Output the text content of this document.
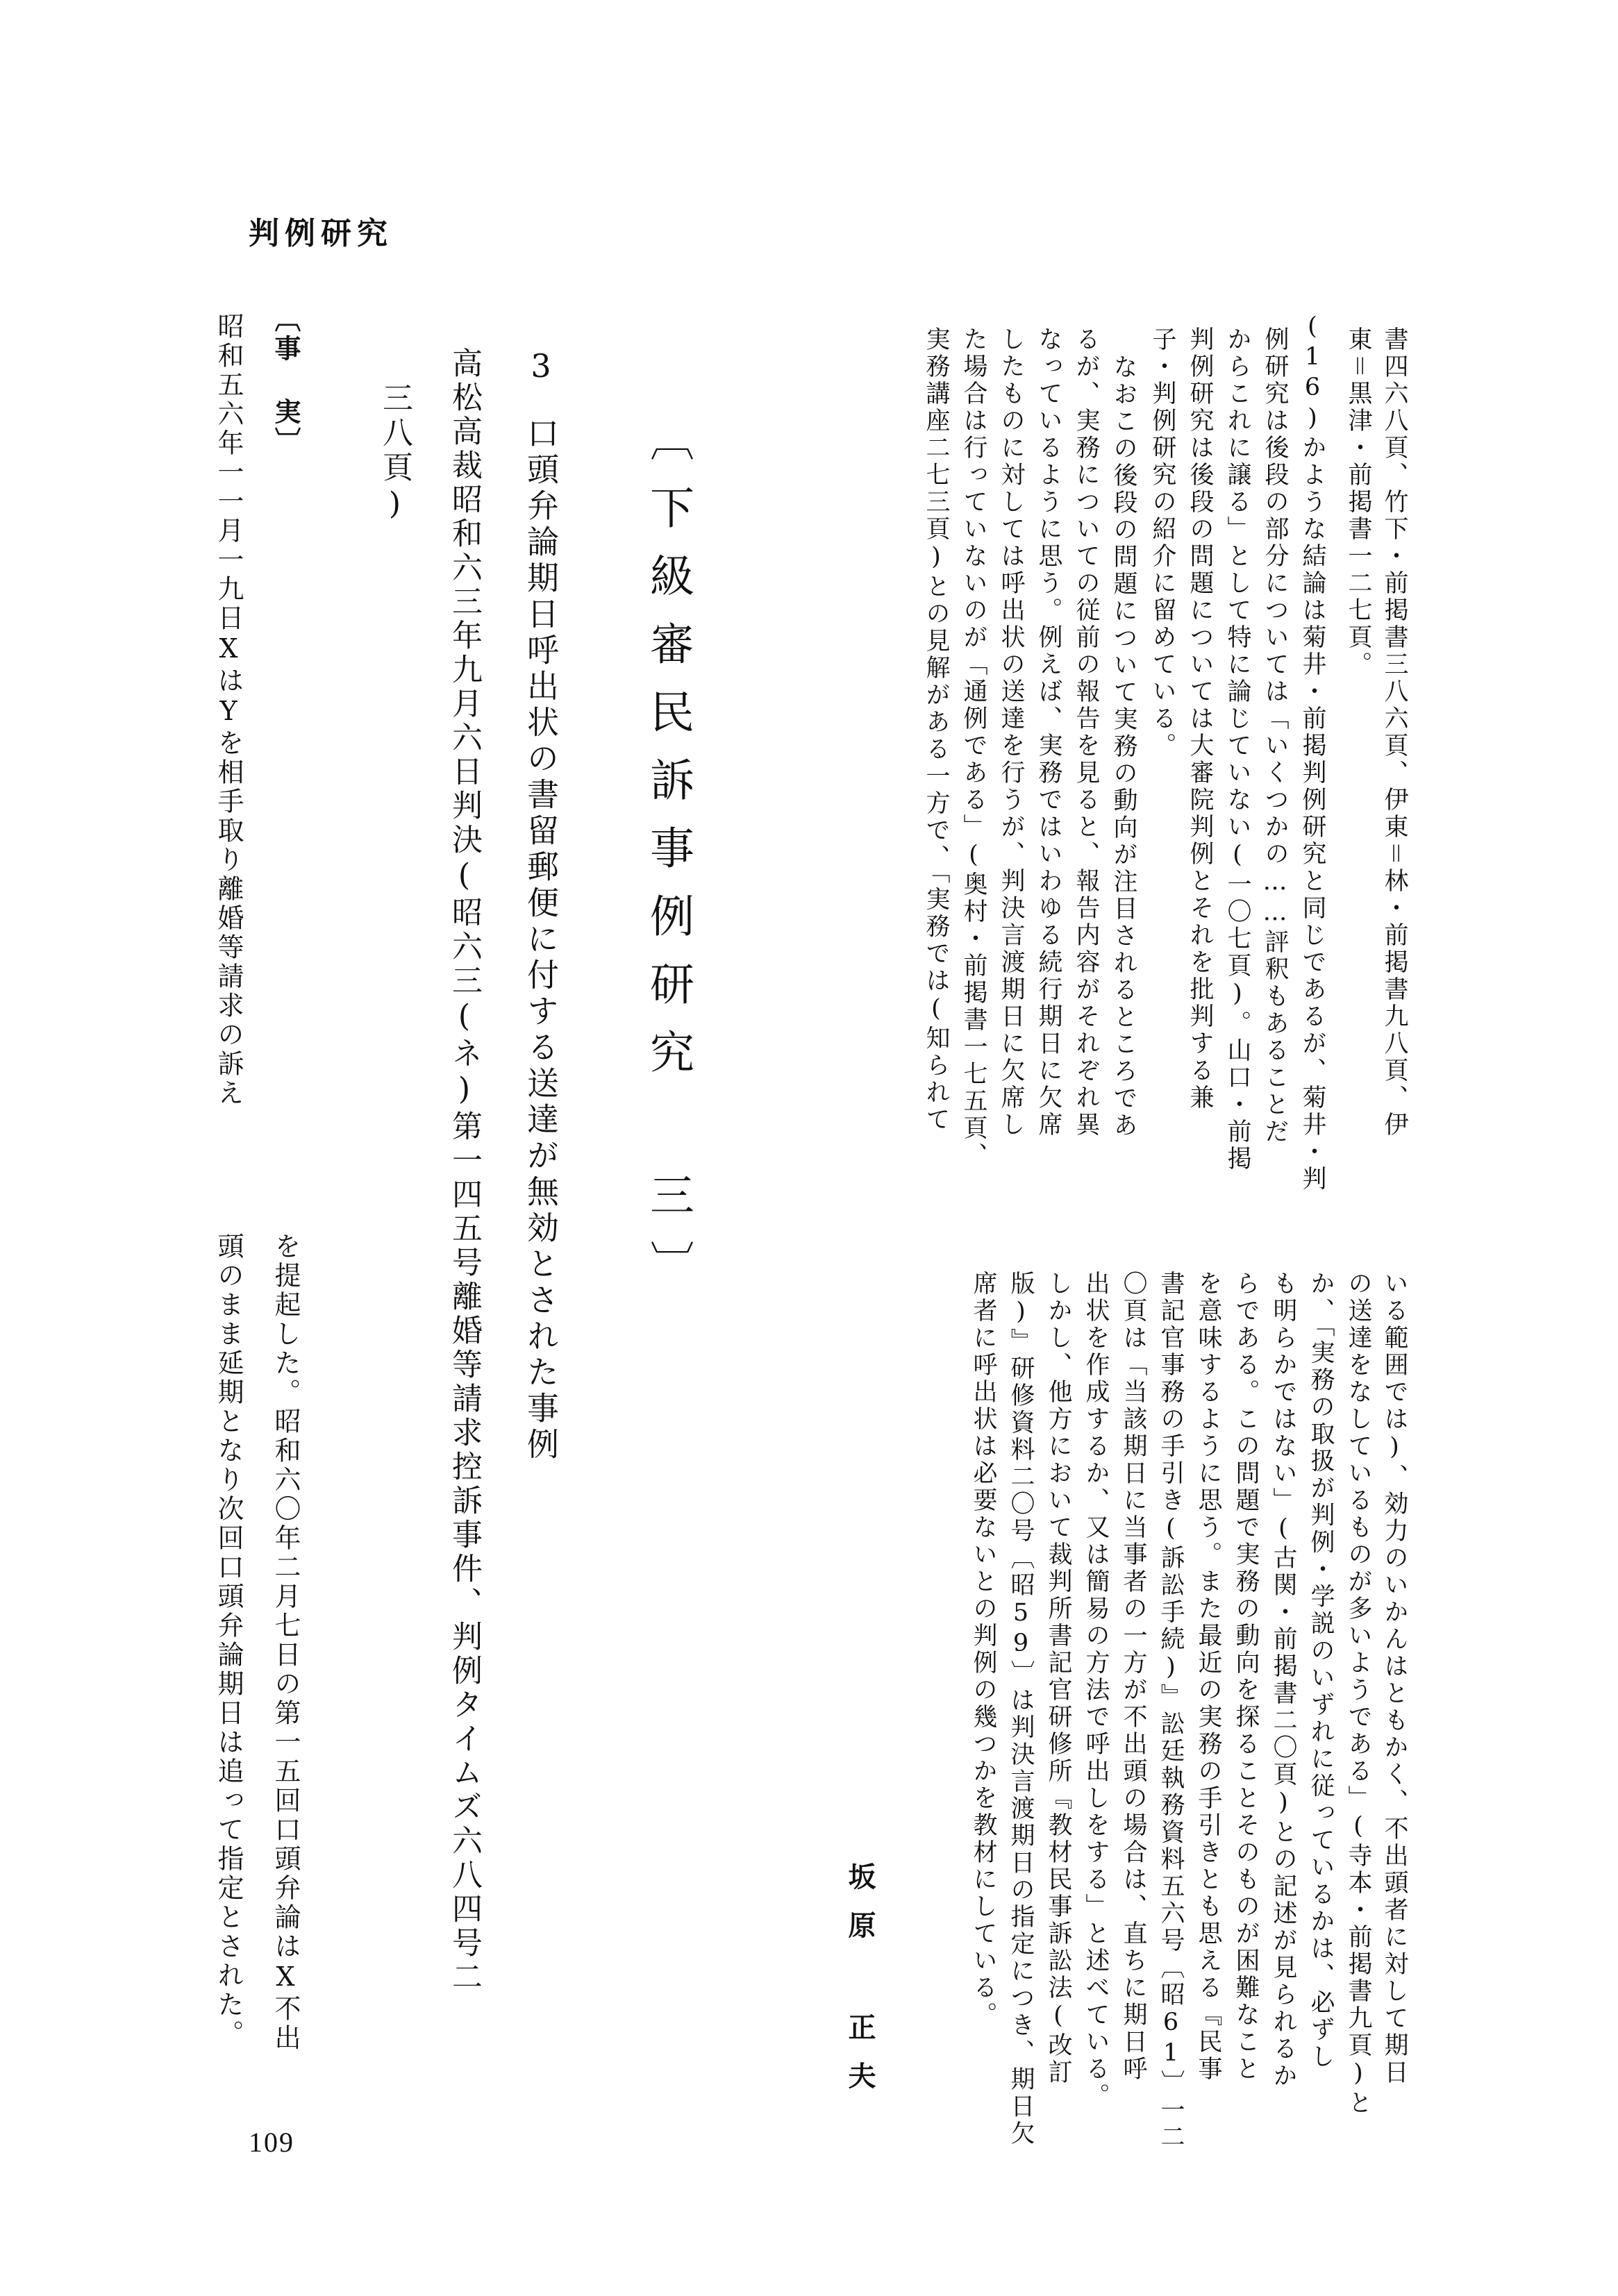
判例研究
書四六八頁、竹下・前掲書三八六頁、伊東＝林・前掲書九八頁、伊
東＝黒津・前掲書一二七頁。
(16)かような結論は菊井・前掲判例研究と同じであるが、菊井・判
例研究は後段の部分については「いくつかの……評釈もあることだ
からこれに譲る」として特に論じていない(一〇七頁)。山口・前掲
判例研究は後段の問題については大審院判例とそれを批判する兼
子・判例研究の紹介に留めている。
なおこの後段の問題について実務の動向が注目されるところであ
るが、実務についての従前の報告を見ると、報告内容がそれぞれ異
なっているように思う。例えば、実務ではいわゆる続行期日に欠席
したものに対しては呼出状の送達を行うが、判決言渡期日に欠席し
た場合は行っていないのが「通例である」(奥村・前掲書一七五頁、
実務講座二七三頁)との見解がある一方で、「実務では(知られて
いる範囲では)、効力のいかんはともかく、不出頭者に対して期日
の送達をなしているものが多いようである」(寺本・前掲書九頁)と
か、「実務の取扱が判例・学説のいずれに従っているかは、必ずし
も明らかではない」(古関・前掲書二〇頁)との記述が見られるか
らである。この問題で実務の動向を探ることそのものが困難なこと
を意味するように思う。また最近の実務の手引きとも思える『民事
書記官事務の手引き(訴訟手続)』訟廷執務資料五六号〔昭61〕一二
〇頁は「当該期日に当事者の一方が不出頭の場合は、直ちに期日呼
出状を作成するか、又は簡易の方法で呼出しをする」と述べている。
しかし、他方において裁判所書記官研修所『教材民事訴訟法(改訂
版)』研修資料二〇号〔昭59〕は判決言渡期日の指定につき、期日欠
席者に呼出状は必要ないとの判例の幾つかを教材にしている。
坂原 正夫
〔下級審民訴事例研究 三〕
3
口頭弁論期日呼出状の書留郵便に付する送達が無効とされた事例
高松高裁昭和六三年九月六日判決(昭六三(ネ)第一四五号離婚等請求控訴事件、判例タイムズ六八四号二
三八頁)
〔事 実〕
昭和五六年一一月一九日XはYを相手取り離婚等請求の訴え
を提起した。昭和六〇年二月七日の第一五回口頭弁論はX不出
頭のまま延期となり次回口頭弁論期日は追って指定とされた。
109
